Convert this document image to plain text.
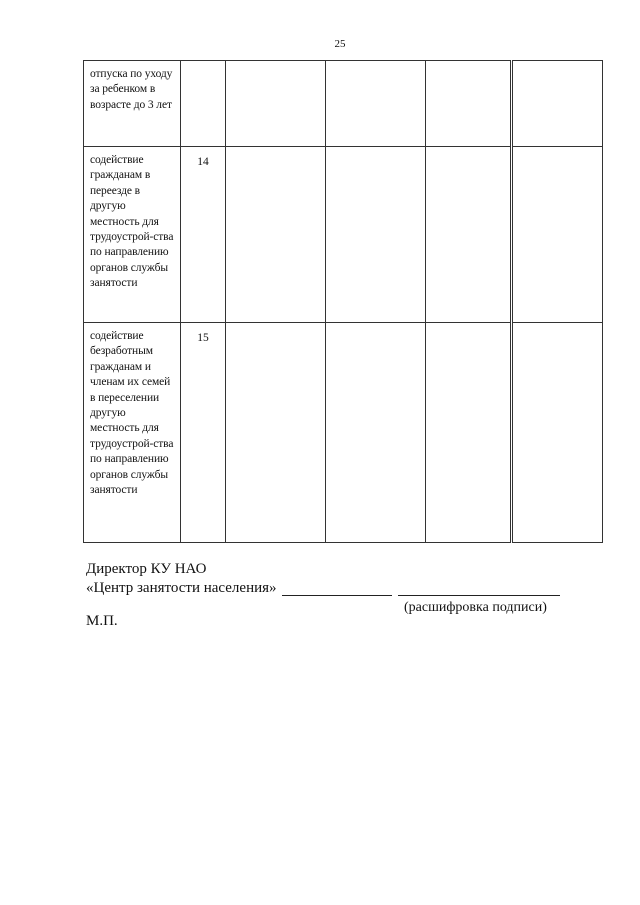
25
отпуска по уходу за ребенком в возрасте до 3 лет					
содействие гражданам в переезде в другую местность для трудоустрой-ства по направлению органов службы занятости	14				
содействие безработным гражданам и членам их семей в переселении другую местность для трудоустрой-ства по направлению органов службы занятости	15				
Директор КУ НАО
«Центр занятости населения»
(расшифровка подписи)
М.П.
